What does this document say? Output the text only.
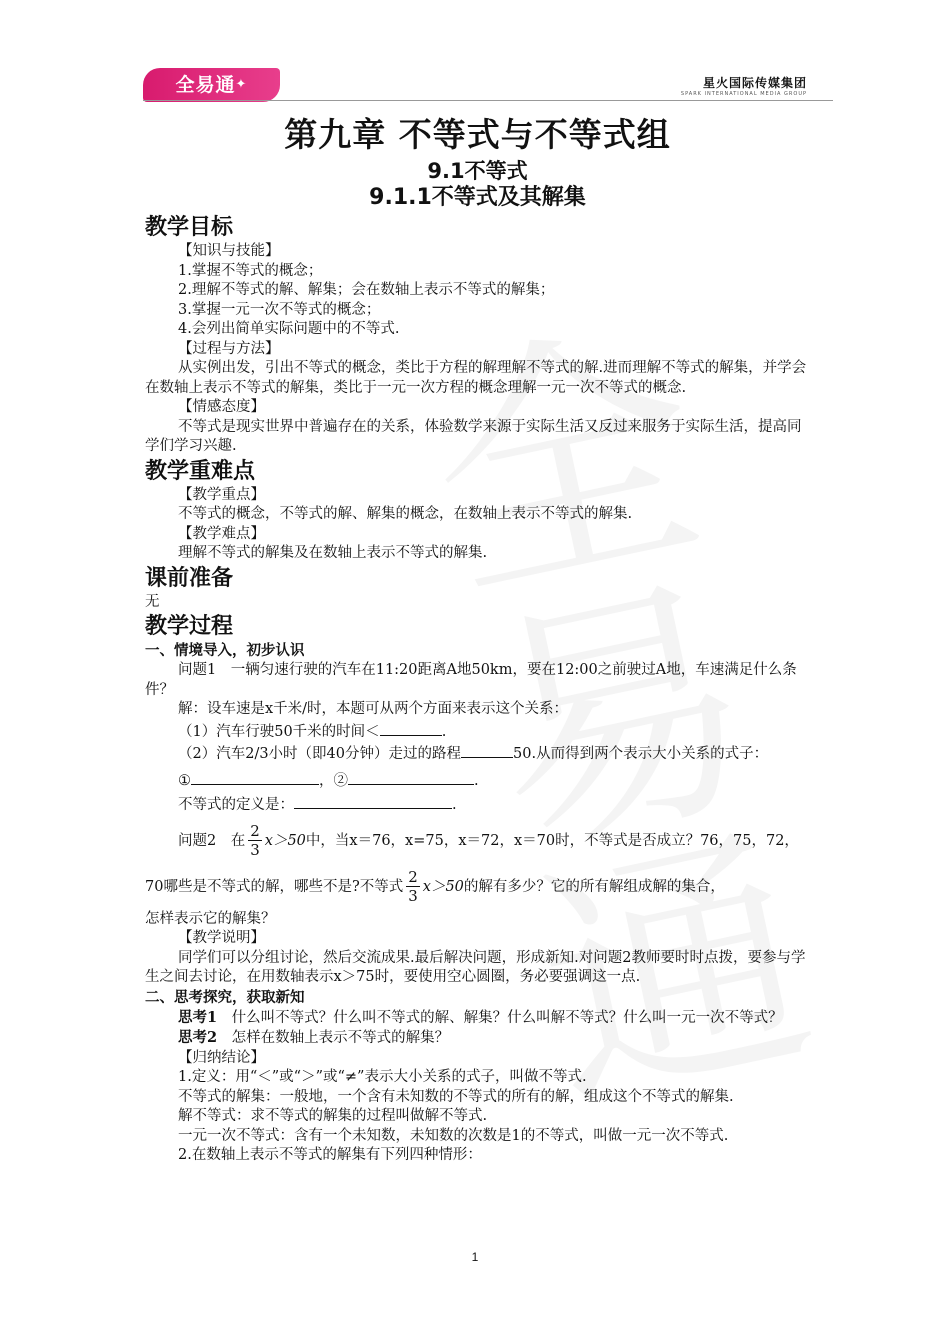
全易通✦	星火国际传媒集团
SPARK INTERNATIONAL MEDIA GROUP

第九章 不等式与不等式组
9.1不等式
9.1.1不等式及其解集
教学目标

【知识与技能】

1.掌握不等式的概念；

2.理解不等式的解、解集；会在数轴上表示不等式的解集；

3.掌握一元一次不等式的概念；

4.会列出简单实际问题中的不等式.

【过程与方法】

从实例出发，引出不等式的概念，类比于方程的解理解不等式的解.进而理解不等式的解集，并学会在数轴上表示不等式的解集，类比于一元一次方程的概念理解一元一次不等式的概念.

【情感态度】

不等式是现实世界中普遍存在的关系，体验数学来源于实际生活又反过来服务于实际生活，提高同学们学习兴趣.

教学重难点

【教学重点】

不等式的概念，不等式的解、解集的概念，在数轴上表示不等式的解集.

【教学难点】

理解不等式的解集及在数轴上表示不等式的解集.

课前准备

无

教学过程

一、情境导入，初步认识

问题1　一辆匀速行驶的汽车在11:20距离A地50km，要在12:00之前驶过A地，车速满足什么条件？

解：设车速是x千米/时，本题可从两个方面来表示这个关系：

（1）汽车行驶50千米的时间＜	.

（2）汽车2/3小时（即40分钟）走过的路程	50.从而得到两个表示大小关系的式子：

①	，②	.

不等式的定义是：	.

问题2　在 $\frac{2}{3} x>50$中，当x＝76，x=75，x＝72，x＝70时，不等式是否成立？76，75，72，

70哪些是不等式的解，哪些不是?不等式 $\frac{2}{3} x>50$的解有多少？它的所有解组成解的集合，

怎样表示它的解集？

【教学说明】

同学们可以分组讨论，然后交流成果.最后解决问题，形成新知.对问题2教师要时时点拨，要参与学生之间去讨论，在用数轴表示x＞75时，要使用空心圆圈，务必要强调这一点.

二、思考探究，获取新知

思考1　什么叫不等式？什么叫不等式的解、解集？什么叫解不等式？什么叫一元一次不等式？

思考2　怎样在数轴上表示不等式的解集？

【归纳结论】

1.定义：用“＜”或“＞”或“≠”表示大小关系的式子，叫做不等式.

不等式的解集：一般地，一个含有未知数的不等式的所有的解，组成这个不等式的解集.

解不等式：求不等式的解集的过程叫做解不等式.

一元一次不等式：含有一个未知数，未知数的次数是1的不等式，叫做一元一次不等式.

2.在数轴上表示不等式的解集有下列四种情形：

1
